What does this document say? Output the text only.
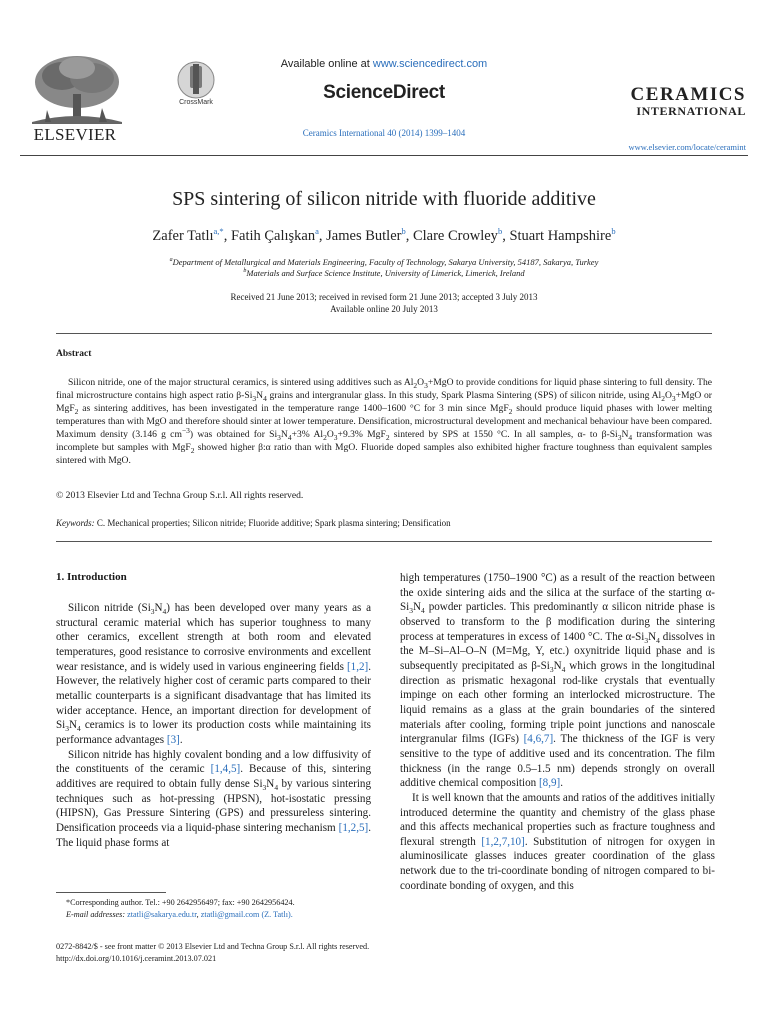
ELSEVIER
CrossMark
Available online at www.sciencedirect.com
ScienceDirect
Ceramics International 40 (2014) 1399–1404
CERAMICS
INTERNATIONAL
www.elsevier.com/locate/ceramint
SPS sintering of silicon nitride with fluoride additive
Zafer Tatlı$^{a,*}$, Fatih Çalışkan$^a$, James Butler$^b$, Clare Crowley$^b$, Stuart Hampshire$^b$
$^a$Department of Metallurgical and Materials Engineering, Faculty of Technology, Sakarya University, 54187, Sakarya, Turkey
$^b$Materials and Surface Science Institute, University of Limerick, Limerick, Ireland
Received 21 June 2013; received in revised form 21 June 2013; accepted 3 July 2013
Available online 20 July 2013
Abstract
Silicon nitride, one of the major structural ceramics, is sintered using additives such as $Al_2O_3+MgO$ to provide conditions for liquid phase sintering to full density. The final microstructure contains high aspect ratio $\beta-Si_3N_4$ grains and intergranular glass. In this study, Spark Plasma Sintering (SPS) of silicon nitride, using $Al_2O_3+MgO$ or MgF$_2$ as sintering additives, has been investigated in the temperature range 1400–1600 °C for 3 min since MgF$_2$ should produce liquid phases with lower melting temperatures than with MgO and therefore should sinter at lower temperature. Densification, microstructural development and mechanical behaviour have been compared. Maximum density (3.146 g $cm^{-3}$) was obtained for $Si_3N_4+3\%$ $Al_2O_3+9.3\%$ MgF$_2$ sintered by SPS at 1550 °C. In all samples, α- to $\beta-Si_3N_4$ transformation was incomplete but samples with MgF$_2$ showed higher β:α ratio than with MgO. Fluoride doped samples also exhibited higher fracture toughness than equivalent samples sintered with MgO.
© 2013 Elsevier Ltd and Techna Group S.r.l. All rights reserved.
Keywords: C. Mechanical properties; Silicon nitride; Fluoride additive; Spark plasma sintering; Densification
1. Introduction

Silicon nitride $(Si_3N_4)$ has been developed over many years as a structural ceramic material which has superior toughness to many other ceramics, excellent strength at both room and elevated temperatures, good resistance to corrosive environments and excellent wear resistance, and is widely used in various engineering fields [1,2]. However, the relatively higher cost of ceramic parts compared to their metallic counterparts is a significant disadvantage that has limited its wider acceptance. Hence, an important direction for development of $Si_3N_4$ ceramics is to lower its production costs while maintaining its performance advantages [3].

Silicon nitride has highly covalent bonding and a low diffusivity of the constituents of the ceramic [1,4,5]. Because of this, sintering additives are required to obtain fully dense $Si_3N_4$ by various sintering techniques such as hot-pressing (HPSN), hot-isostatic pressing (HIPSN), Gas Pressure Sintering (GPS) and pressureless sintering. Densification proceeds via a liquid-phase sintering mechanism [1,2,5]. The liquid phase forms at

*Corresponding author. Tel.: +90 2642956497; fax: +90 2642956424.
E-mail addresses: ztatli@sakarya.edu.tr, ztatli@gmail.com (Z. Tatlı).

high temperatures (1750–1900 °C) as a result of the reaction between the oxide sintering aids and the silica at the surface of the starting $\alpha-Si_3N_4$ powder particles. This predominantly α silicon nitride phase is observed to transform to the β modification during the sintering process at temperatures in excess of 1400 °C. The $\alpha-Si_3N_4$ dissolves in the M–Si–Al–O–N (M=Mg, Y, etc.) oxynitride liquid phase and is subsequently precipitated as $\beta-Si_3N_4$ which grows in the longitudinal direction as prismatic hexagonal rod-like crystals that eventually impinge on each other forming an interlocked microstructure. The liquid remains as a glass at the grain boundaries of the sintered materials after cooling, forming triple point junctions and nanoscale intergranular films (IGFs) [4,6,7]. The thickness of the IGF is very sensitive to the type of additive used and its concentration. The film thickness (in the range 0.5–1.5 nm) depends strongly on overall additive chemical composition [8,9].

It is well known that the amounts and ratios of the additives initially introduced determine the quantity and chemistry of the glass phase and this affects mechanical properties such as fracture toughness and flexural strength [1,2,7,10]. Substitution of nitrogen for oxygen in aluminosilicate glasses induces greater coordination of the glass network due to the tri-coordinate bonding of nitrogen compared to bi-coordinate bonding of oxygen, and this

0272-8842/$ - see front matter © 2013 Elsevier Ltd and Techna Group S.r.l. All rights reserved.
http://dx.doi.org/10.1016/j.ceramint.2013.07.021
